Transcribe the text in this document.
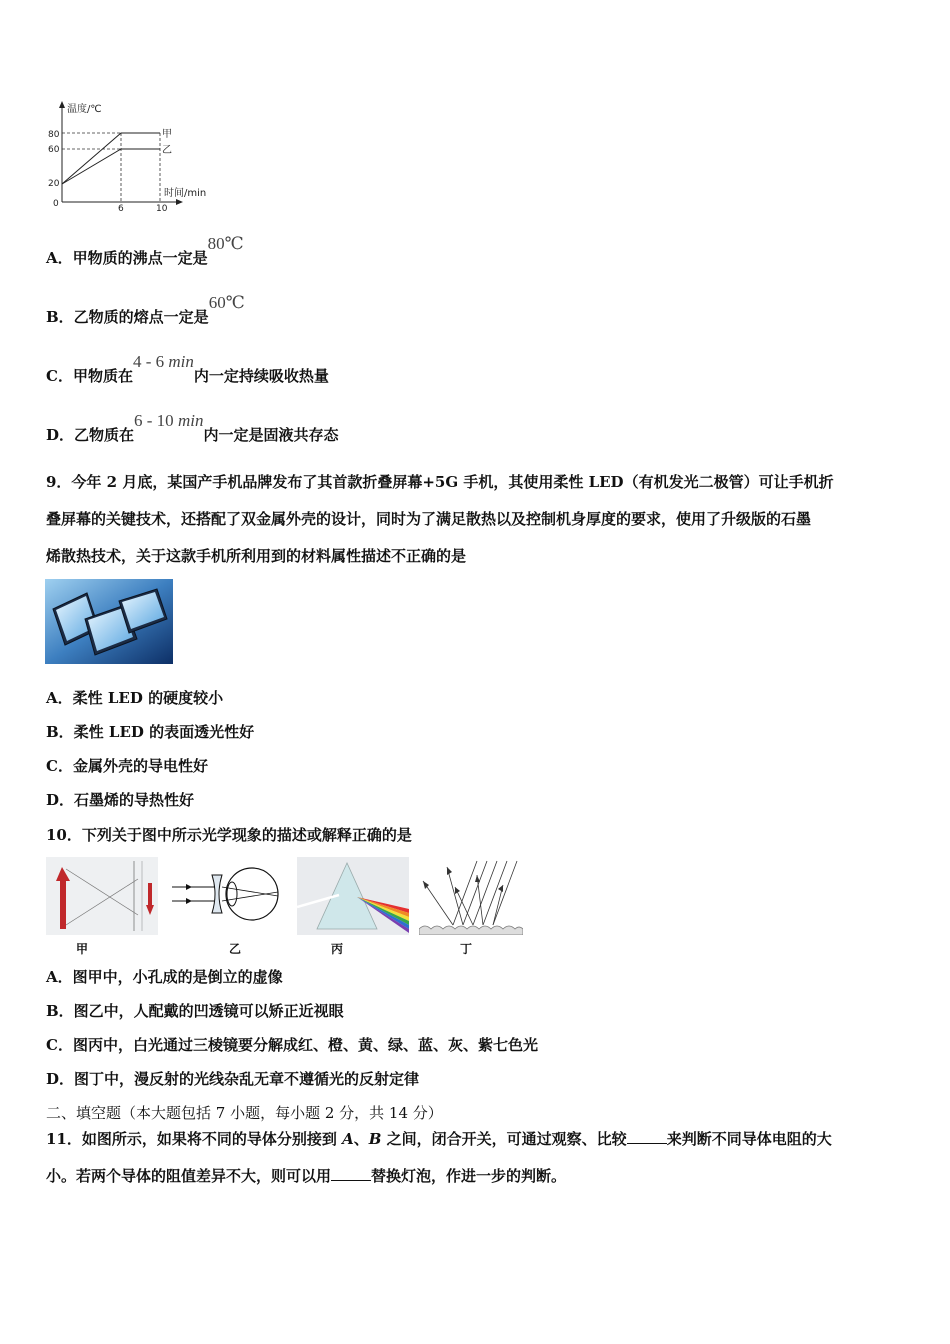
温度/℃
时间/min
80
60
20
0	6	10
甲
乙
A．甲物质的沸点一定是80℃
B．乙物质的熔点一定是60℃
C．甲物质在4 - 6 min内一定持续吸收热量
D．乙物质在6 - 10 min内一定是固液共存态
9．今年 2 月底，某国产手机品牌发布了其首款折叠屏幕+5G 手机，其使用柔性 LED（有机发光二极管）可让手机折
叠屏幕的关键技术，还搭配了双金属外壳的设计，同时为了满足散热以及控制机身厚度的要求，使用了升级版的石墨
烯散热技术，关于这款手机所利用到的材料属性描述不正确的是
A．柔性 LED 的硬度较小
B．柔性 LED 的表面透光性好
C．金属外壳的导电性好
D．石墨烯的导热性好
10．下列关于图中所示光学现象的描述或解释正确的是
甲	乙	丙	丁
A．图甲中，小孔成的是倒立的虚像
B．图乙中，人配戴的凹透镜可以矫正近视眼
C．图丙中，白光通过三棱镜要分解成红、橙、黄、绿、蓝、灰、紫七色光
D．图丁中，漫反射的光线杂乱无章不遵循光的反射定律
二、填空题（本大题包括 7 小题，每小题 2 分，共 14 分）
11．如图所示，如果将不同的导体分别接到 A、B 之间，闭合开关，可通过观察、比较	来判断不同导体电阻的大
小。若两个导体的阻值差异不大，则可以用	替换灯泡，作进一步的判断。
